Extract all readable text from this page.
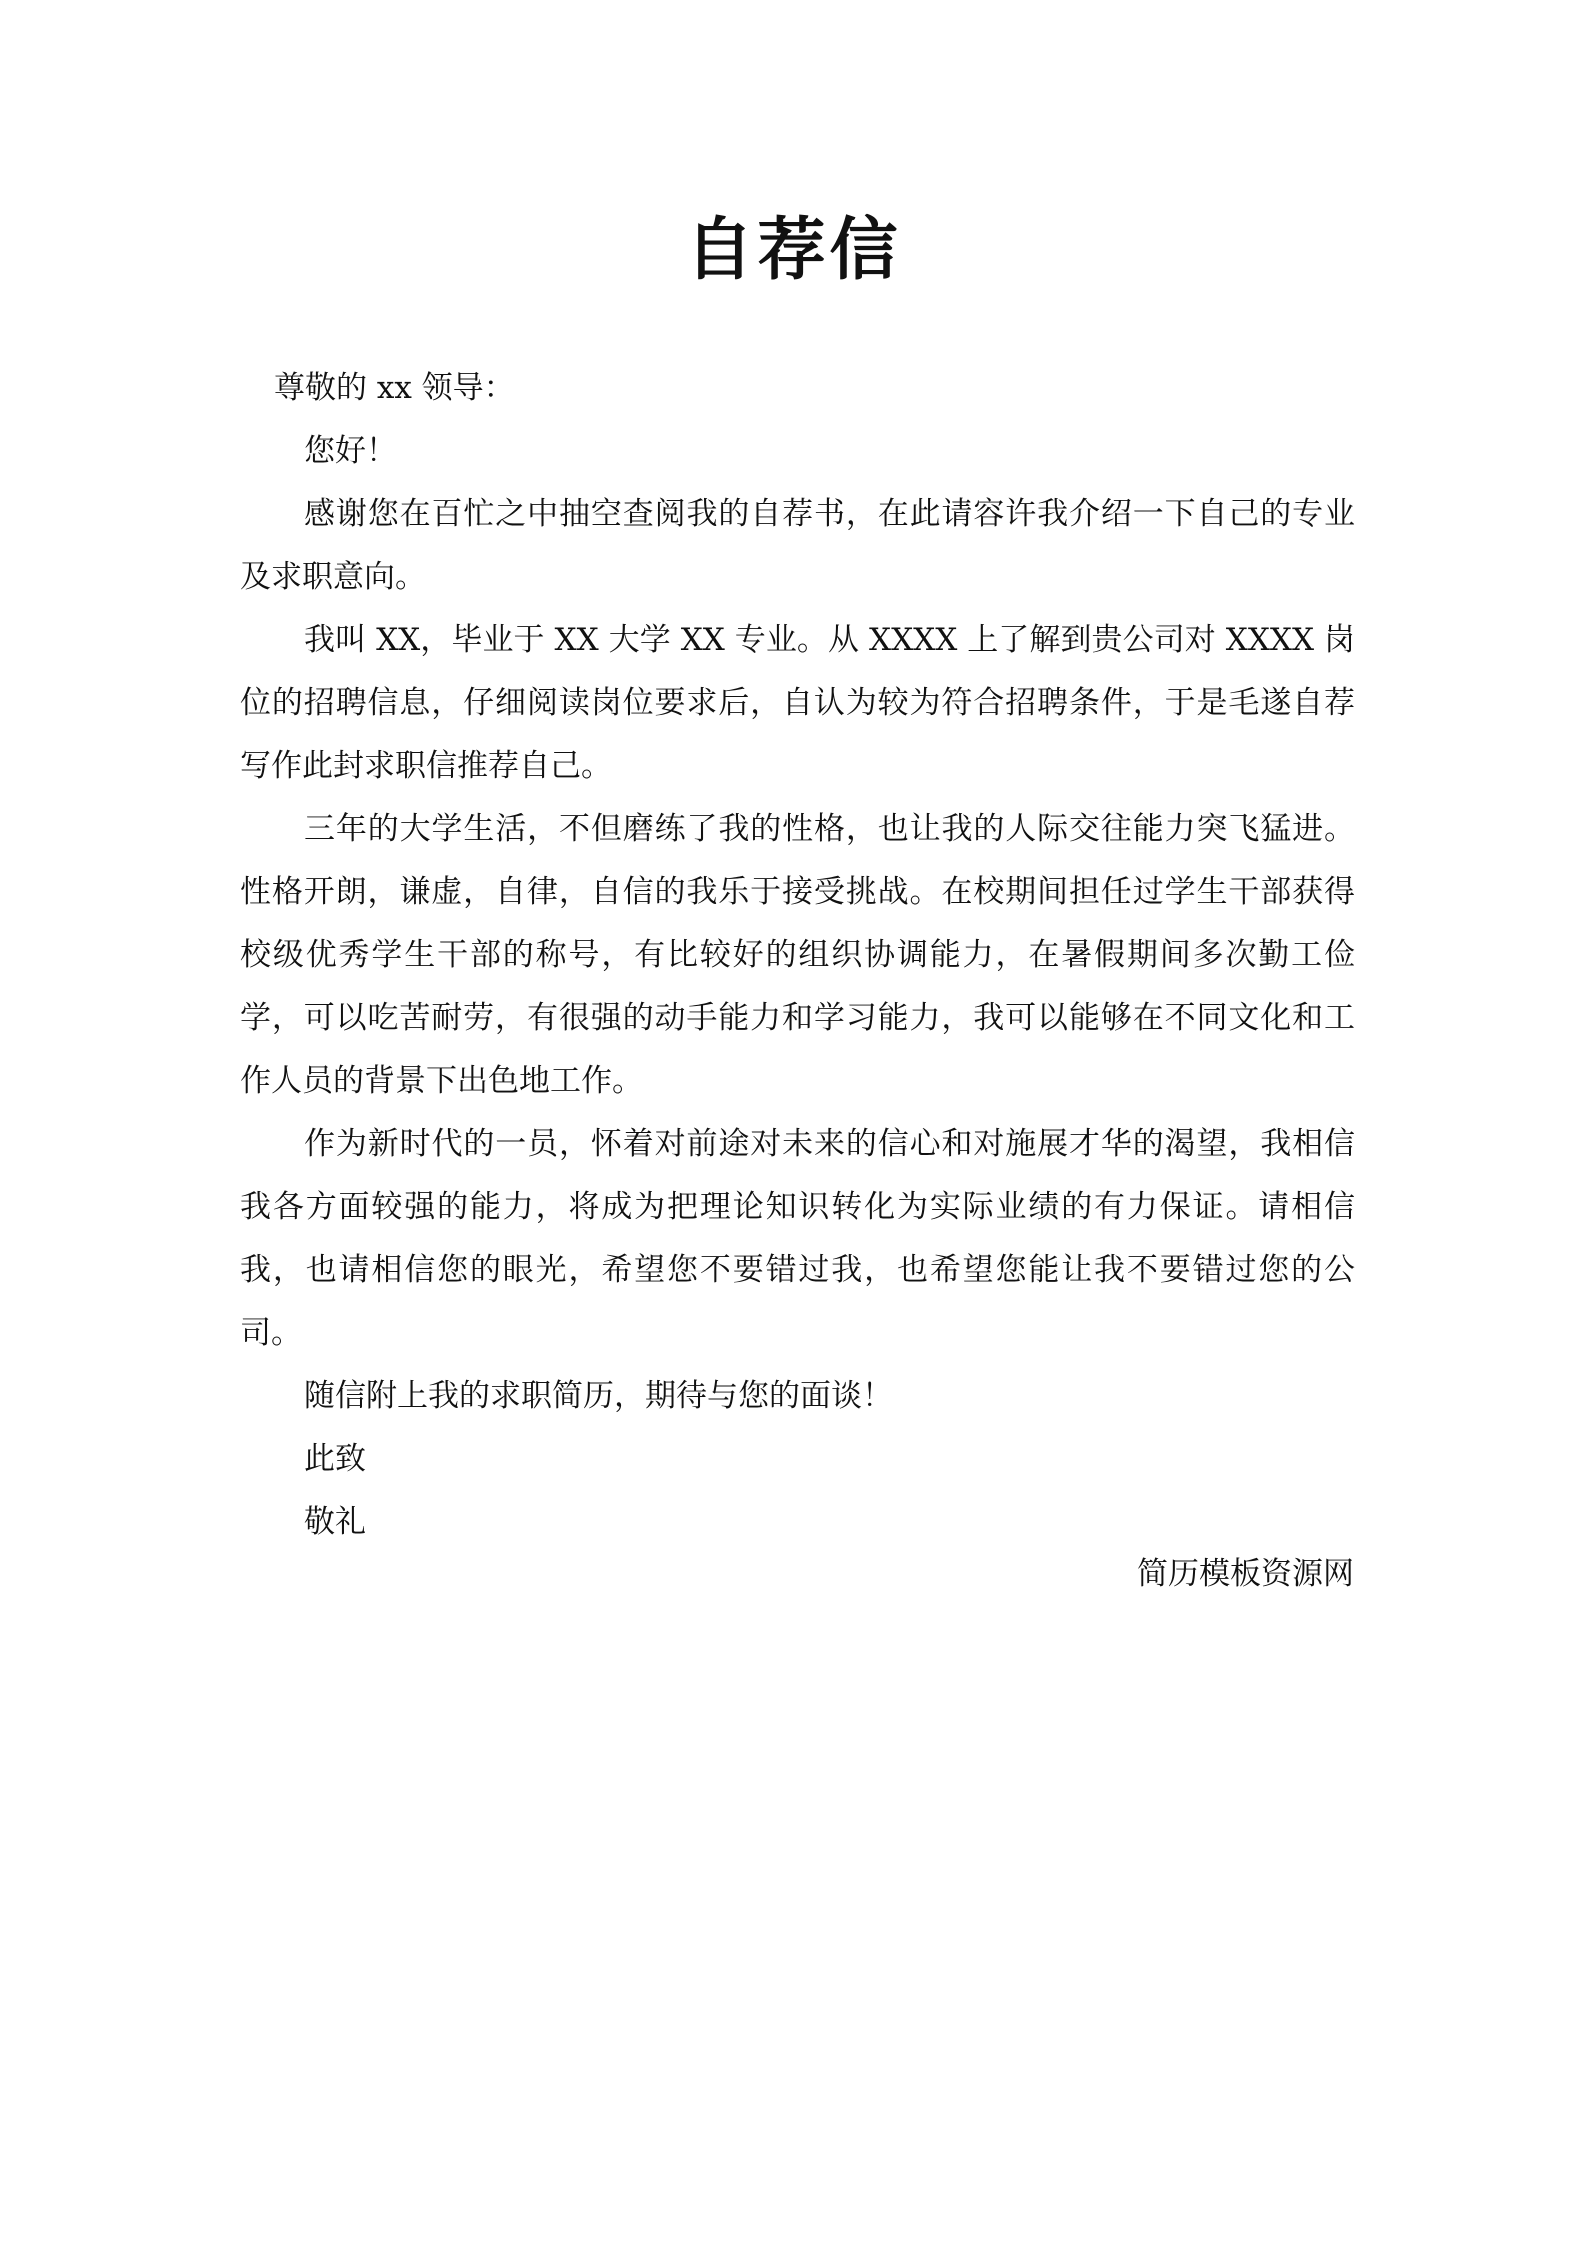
自荐信

尊敬的 xx 领导：

您好！

感谢您在百忙之中抽空查阅我的自荐书，在此请容许我介绍一下自己的专业及求职意向。

我叫 XX，毕业于 XX 大学 XX 专业。从 XXXX 上了解到贵公司对 XXXX 岗位的招聘信息，仔细阅读岗位要求后，自认为较为符合招聘条件，于是毛遂自荐写作此封求职信推荐自己。

三年的大学生活，不但磨练了我的性格，也让我的人际交往能力突飞猛进。性格开朗，谦虚，自律，自信的我乐于接受挑战。在校期间担任过学生干部获得校级优秀学生干部的称号，有比较好的组织协调能力，在暑假期间多次勤工俭学，可以吃苦耐劳，有很强的动手能力和学习能力，我可以能够在不同文化和工作人员的背景下出色地工作。

作为新时代的一员，怀着对前途对未来的信心和对施展才华的渴望，我相信我各方面较强的能力，将成为把理论知识转化为实际业绩的有力保证。请相信我，也请相信您的眼光，希望您不要错过我，也希望您能让我不要错过您的公司。

随信附上我的求职简历，期待与您的面谈！

此致

敬礼

简历模板资源网
